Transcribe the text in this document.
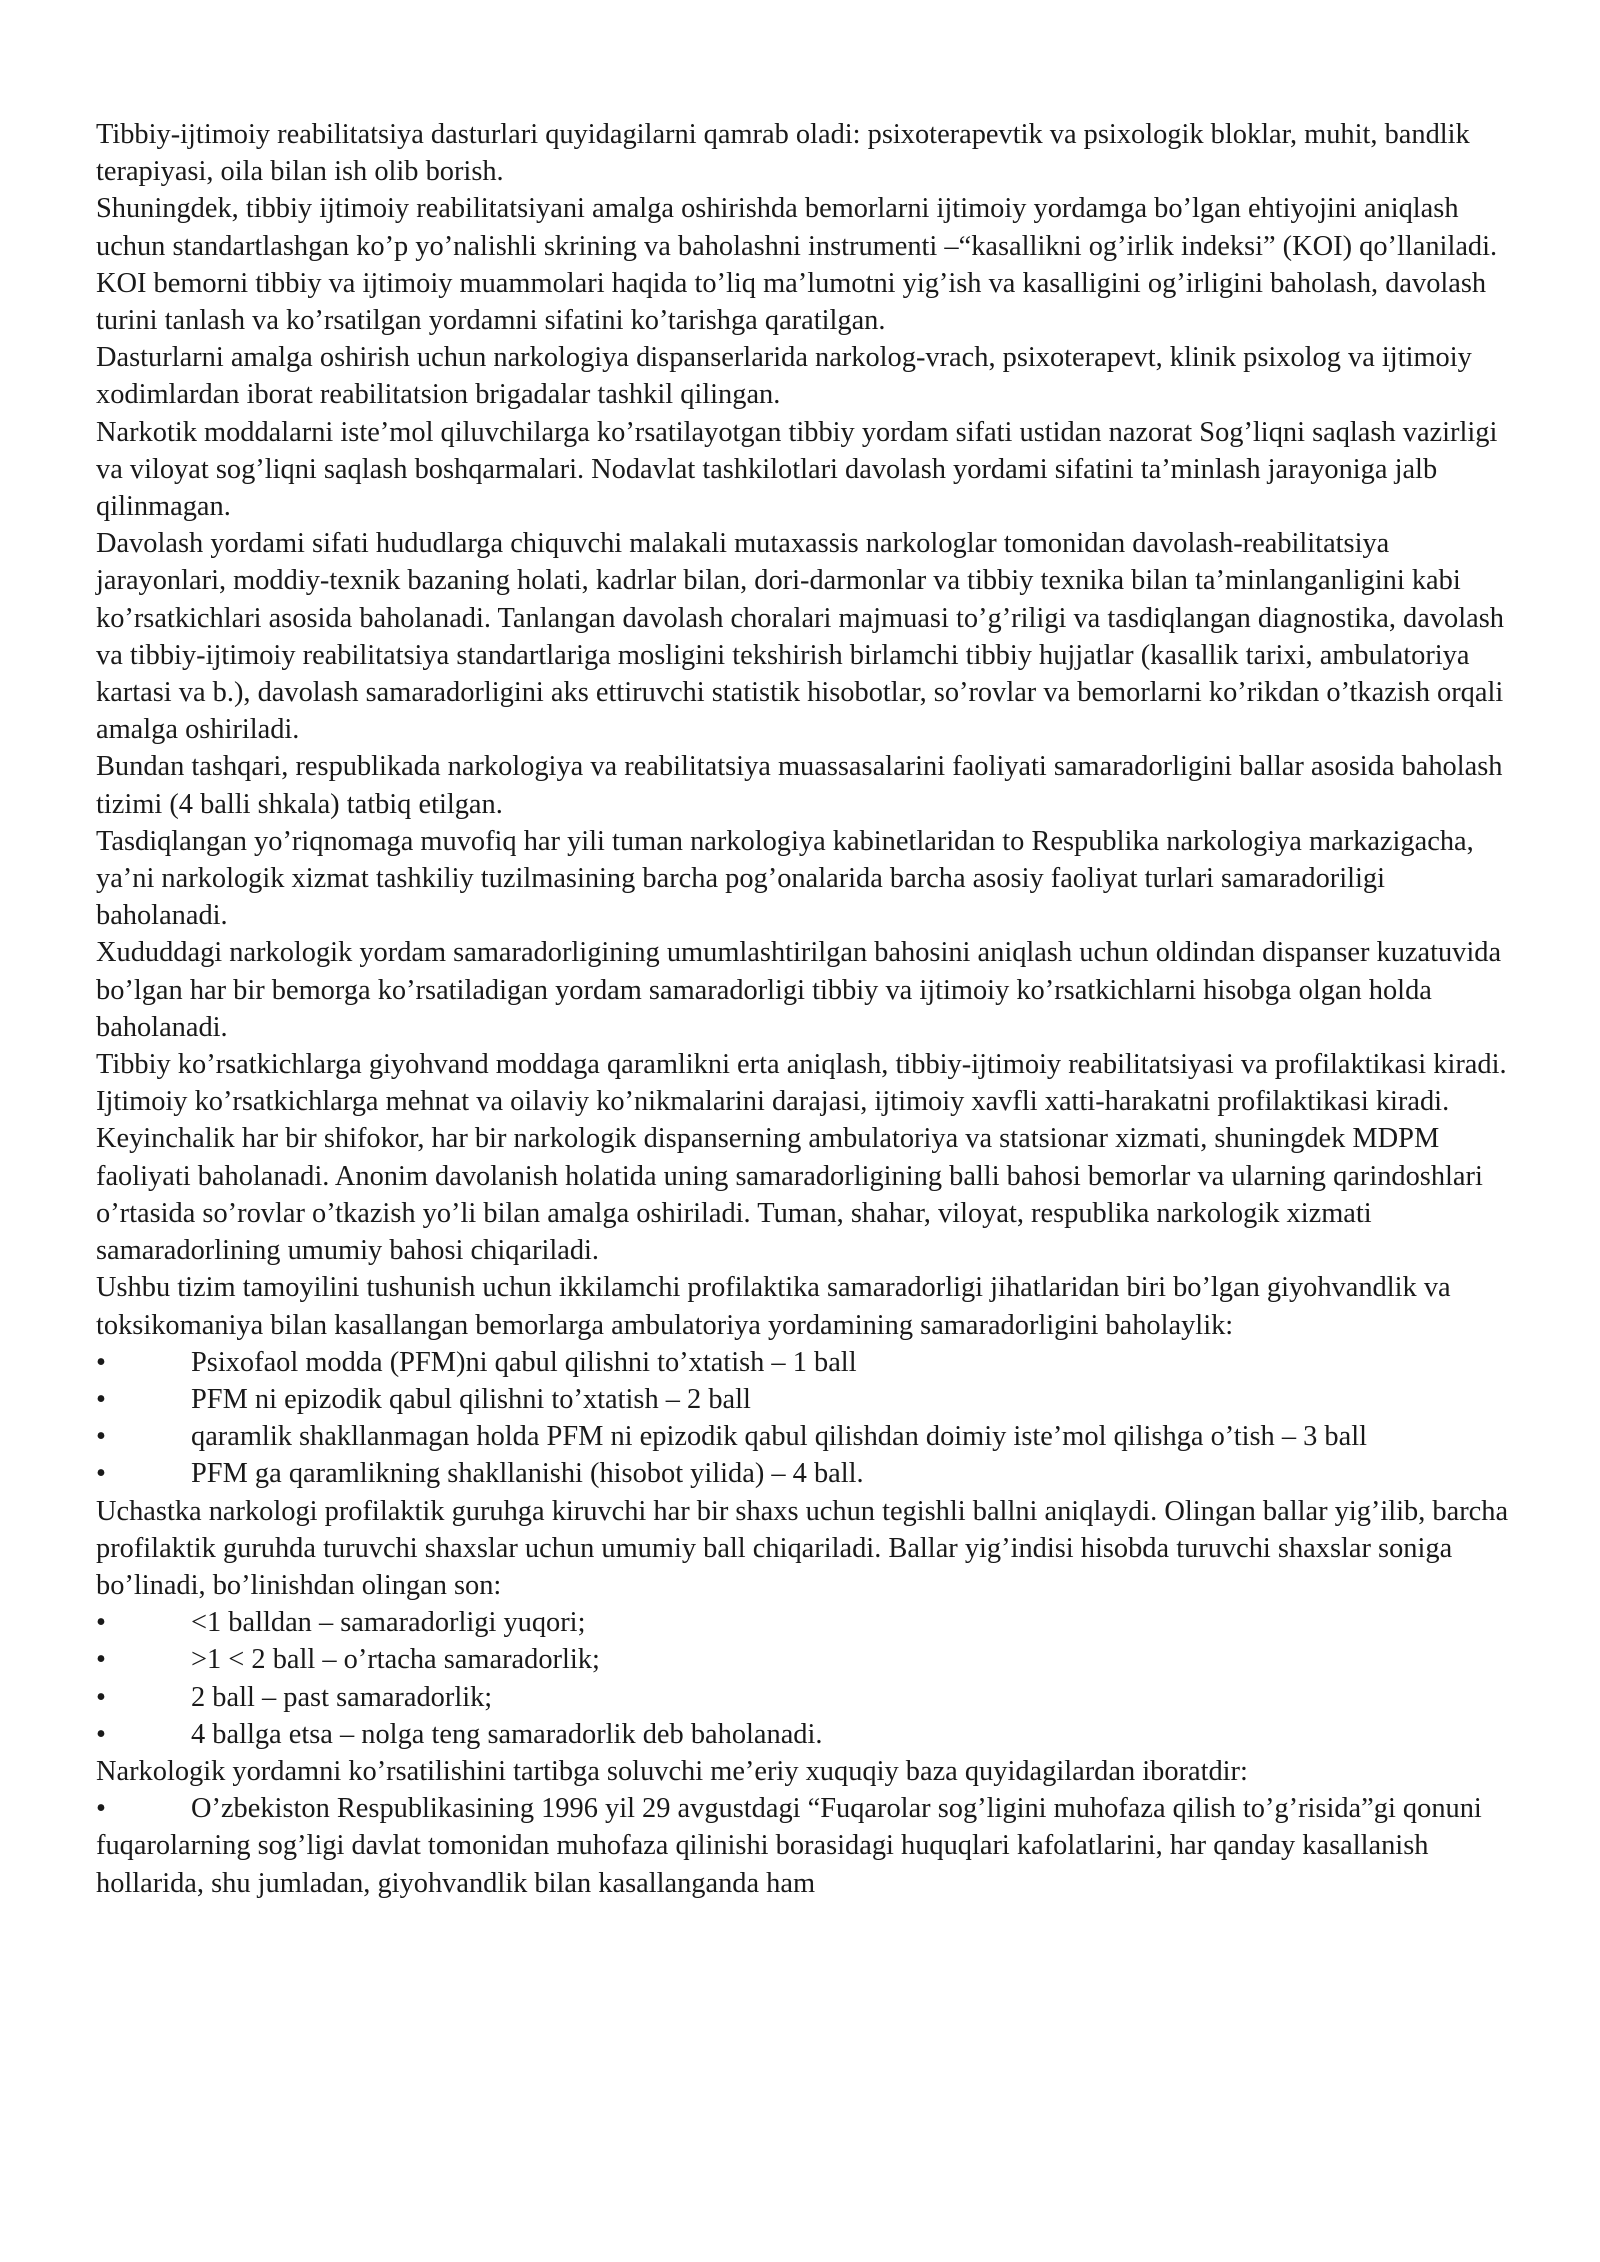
Tibbiy-ijtimoiy reabilitatsiya dasturlari quyidagilarni qamrab oladi: psixoterapevtik va psixologik bloklar, muhit, bandlik terapiyasi, oila bilan ish olib borish.

Shuningdek, tibbiy ijtimoiy reabilitatsiyani amalga oshirishda bemorlarni ijtimoiy yordamga bo’lgan ehtiyojini aniqlash uchun standartlashgan ko’p yo’nalishli skrining va baholashni instrumenti –“kasallikni og’irlik indeksi” (KOI) qo’llaniladi. KOI bemorni tibbiy va ijtimoiy muammolari haqida to’liq ma’lumotni yig’ish va kasalligini og’irligini baholash, davolash turini tanlash va ko’rsatilgan yordamni sifatini ko’tarishga qaratilgan.

Dasturlarni amalga oshirish uchun narkologiya dispanserlarida narkolog-vrach, psixoterapevt, klinik psixolog va ijtimoiy xodimlardan iborat reabilitatsion brigadalar tashkil qilingan.

Narkotik moddalarni iste’mol qiluvchilarga ko’rsatilayotgan tibbiy yordam sifati ustidan nazorat Sog’liqni saqlash vazirligi va viloyat sog’liqni saqlash boshqarmalari. Nodavlat tashkilotlari davolash yordami sifatini ta’minlash jarayoniga jalb qilinmagan.

Davolash yordami sifati hududlarga chiquvchi malakali mutaxassis narkologlar tomonidan davolash-reabilitatsiya jarayonlari, moddiy-texnik bazaning holati, kadrlar bilan, dori-darmonlar va tibbiy texnika bilan ta’minlanganligini kabi ko’rsatkichlari asosida baholanadi. Tanlangan davolash choralari majmuasi to’g’riligi va tasdiqlangan diagnostika, davolash va tibbiy-ijtimoiy reabilitatsiya standartlariga mosligini tekshirish birlamchi tibbiy hujjatlar (kasallik tarixi, ambulatoriya kartasi va b.), davolash samaradorligini aks ettiruvchi statistik hisobotlar, so’rovlar va bemorlarni ko’rikdan o’tkazish orqali amalga oshiriladi.

Bundan tashqari, respublikada narkologiya va reabilitatsiya muassasalarini faoliyati samaradorligini ballar asosida baholash tizimi (4 balli shkala) tatbiq etilgan.

Tasdiqlangan yo’riqnomaga muvofiq har yili tuman narkologiya kabinetlaridan to Respublika narkologiya markazigacha, ya’ni narkologik xizmat tashkiliy tuzilmasining barcha pog’onalarida barcha asosiy faoliyat turlari samaradoriligi baholanadi.

Xududdagi narkologik yordam samaradorligining umumlashtirilgan bahosini aniqlash uchun oldindan dispanser kuzatuvida bo’lgan har bir bemorga ko’rsatiladigan yordam samaradorligi tibbiy va ijtimoiy ko’rsatkichlarni hisobga olgan holda baholanadi.

Tibbiy ko’rsatkichlarga giyohvand moddaga qaramlikni erta aniqlash, tibbiy-ijtimoiy reabilitatsiyasi va profilaktikasi kiradi. Ijtimoiy ko’rsatkichlarga mehnat va oilaviy ko’nikmalarini darajasi, ijtimoiy xavfli xatti-harakatni profilaktikasi kiradi.

Keyinchalik har bir shifokor, har bir narkologik dispanserning ambulatoriya va statsionar xizmati, shuningdek MDPM faoliyati baholanadi. Anonim davolanish holatida uning samaradorligining balli bahosi bemorlar va ularning qarindoshlari o’rtasida so’rovlar o’tkazish yo’li bilan amalga oshiriladi. Tuman, shahar, viloyat, respublika narkologik xizmati samaradorlining umumiy bahosi chiqariladi.

Ushbu tizim tamoyilini tushunish uchun ikkilamchi profilaktika samaradorligi jihatlaridan biri bo’lgan giyohvandlik va toksikomaniya bilan kasallangan bemorlarga ambulatoriya yordamining samaradorligini baholaylik:

•	Psixofaol modda (PFM)ni qabul qilishni to’xtatish – 1 ball

•	PFM ni epizodik qabul qilishni to’xtatish – 2 ball

•	qaramlik shakllanmagan holda PFM ni epizodik qabul qilishdan doimiy iste’mol qilishga o’tish – 3 ball

•	PFM ga qaramlikning shakllanishi (hisobot yilida) – 4 ball.

Uchastka narkologi profilaktik guruhga kiruvchi har bir shaxs uchun tegishli ballni aniqlaydi. Olingan ballar yig’ilib, barcha profilaktik guruhda turuvchi shaxslar uchun umumiy ball chiqariladi. Ballar yig’indisi hisobda turuvchi shaxslar soniga bo’linadi, bo’linishdan olingan son:

•	<1 balldan – samaradorligi yuqori;

•	>1 < 2 ball – o’rtacha samaradorlik;

•	2 ball – past samaradorlik;

•	4 ballga etsa – nolga teng samaradorlik deb baholanadi.

Narkologik yordamni ko’rsatilishini tartibga soluvchi me’eriy xuquqiy baza quyidagilardan iboratdir:

•	O’zbekiston Respublikasining 1996 yil 29 avgustdagi “Fuqarolar sog’ligini muhofaza qilish to’g’risida”gi qonuni fuqarolarning sog’ligi davlat tomonidan muhofaza qilinishi borasidagi huquqlari kafolatlarini, har qanday kasallanish hollarida, shu jumladan, giyohvandlik bilan kasallanganda ham
